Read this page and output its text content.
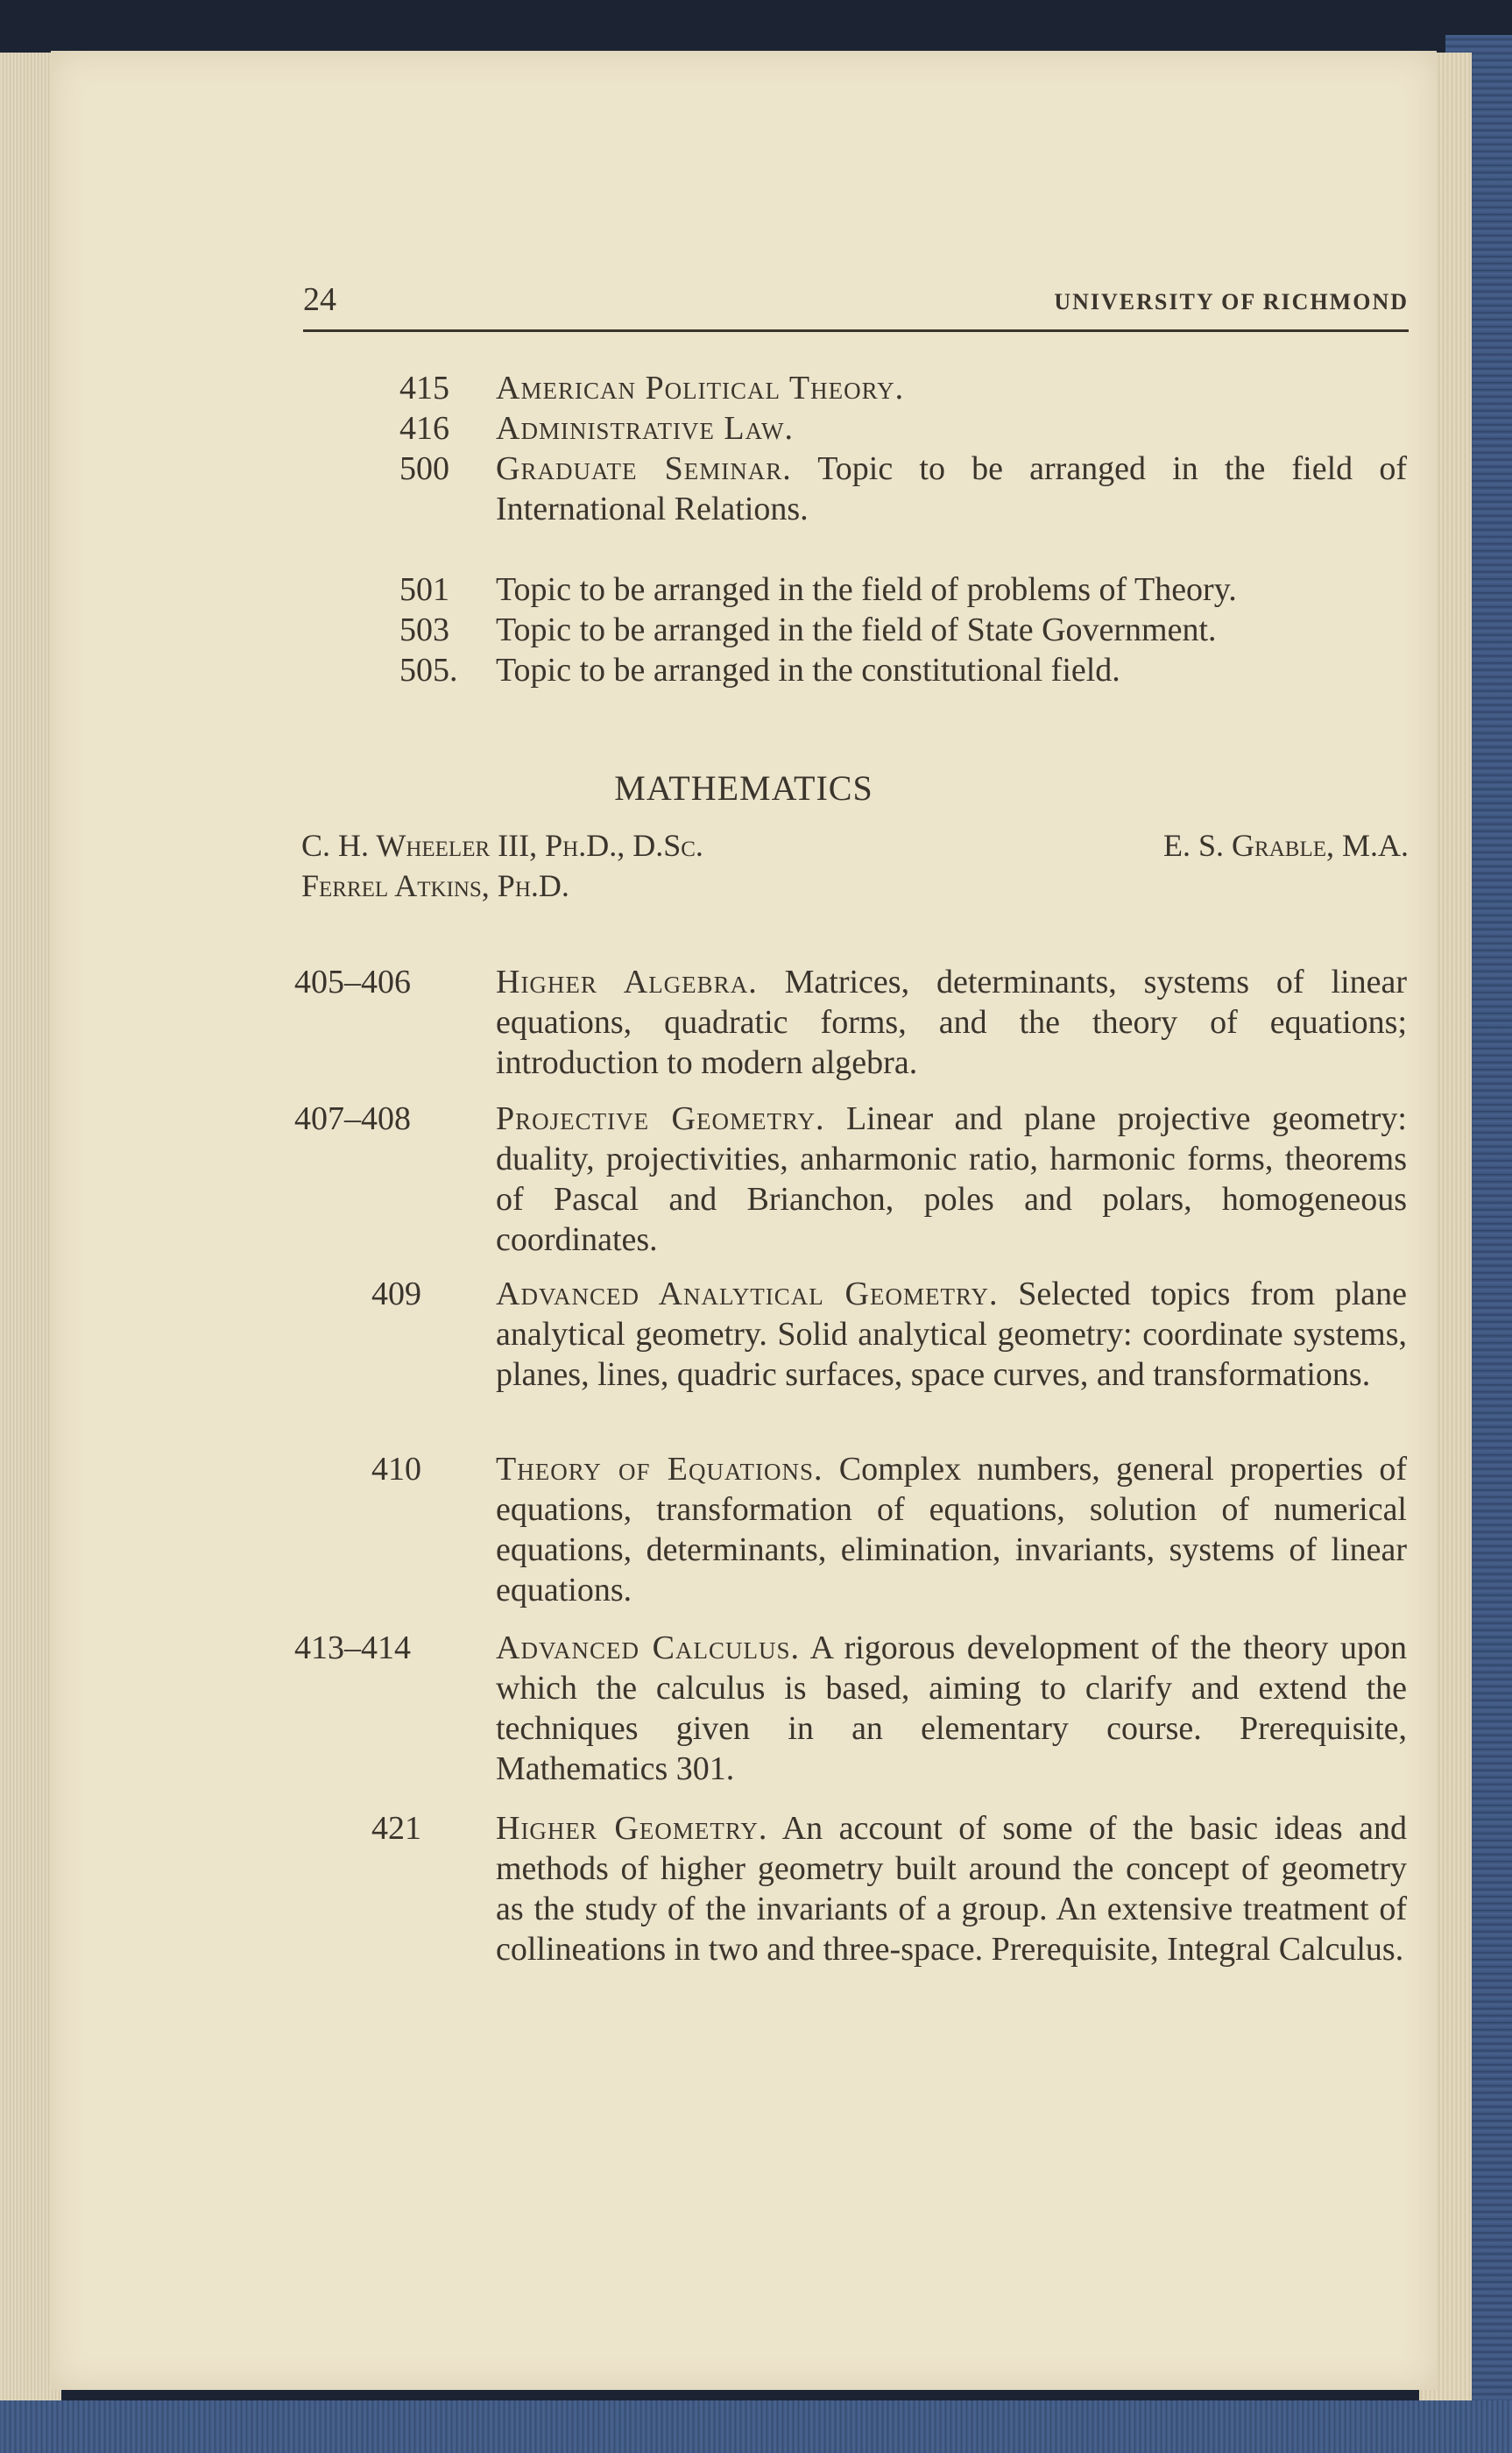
24	UNIVERSITY OF RICHMOND
415	American Political Theory.
416	Administrative Law.
500	Graduate Seminar. Topic to be arranged in the field of International Relations.
501	Topic to be arranged in the field of problems of Theory.
503	Topic to be arranged in the field of State Government.
505.	Topic to be arranged in the constitutional field.
MATHEMATICS
C. H. Wheeler III, Ph.D., D.Sc.
Ferrel Atkins, Ph.D.
E. S. Grable, M.A.
405–406	Higher Algebra. Matrices, determinants, systems of linear equations, quadratic forms, and the theory of equations; introduction to modern algebra.
407–408	Projective Geometry. Linear and plane projective geometry: duality, projectivities, anharmonic ratio, harmonic forms, theorems of Pascal and Brianchon, poles and polars, homogeneous coordinates.
409	Advanced Analytical Geometry. Selected topics from plane analytical geometry. Solid analytical geometry: coordinate systems, planes, lines, quadric surfaces, space curves, and transformations.
410	Theory of Equations. Complex numbers, general properties of equations, transformation of equations, solution of numerical equations, determinants, elimination, invariants, systems of linear equations.
413–414	Advanced Calculus. A rigorous development of the theory upon which the calculus is based, aiming to clarify and extend the techniques given in an elementary course. Prerequisite, Mathematics 301.
421	Higher Geometry. An account of some of the basic ideas and methods of higher geometry built around the concept of geometry as the study of the invariants of a group. An extensive treatment of collineations in two and three-space. Prerequisite, Integral Calculus.
